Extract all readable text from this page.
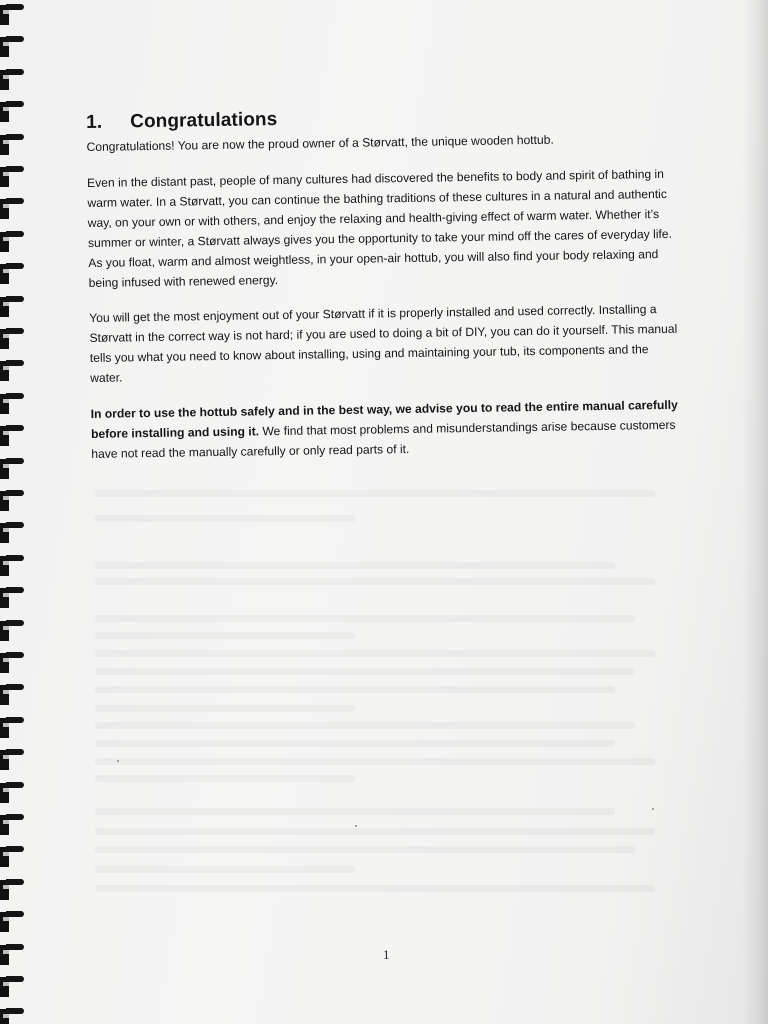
1. Congratulations

Congratulations! You are now the proud owner of a Størvatt, the unique wooden hottub.

Even in the distant past, people of many cultures had discovered the benefits to body and spirit of bathing in warm water. In a Størvatt, you can continue the bathing traditions of these cultures in a natural and authentic way, on your own or with others, and enjoy the relaxing and health-giving effect of warm water. Whether it’s summer or winter, a Størvatt always gives you the opportunity to take your mind off the cares of everyday life. As you float, warm and almost weightless, in your open-air hottub, you will also find your body relaxing and being infused with renewed energy.

You will get the most enjoyment out of your Størvatt if it is properly installed and used correctly. Installing a Størvatt in the correct way is not hard; if you are used to doing a bit of DIY, you can do it yourself. This manual tells you what you need to know about installing, using and maintaining your tub, its components and the water.

In order to use the hottub safely and in the best way, we advise you to read the entire manual carefully before installing and using it. We find that most problems and misunderstandings arise because customers have not read the manually carefully or only read parts of it.

1
